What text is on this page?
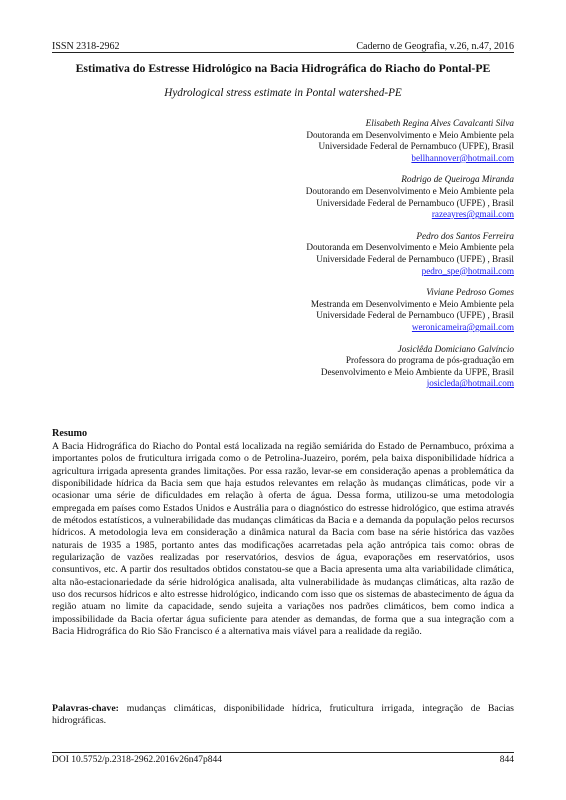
ISSN 2318-2962	Caderno de Geografia, v.26, n.47, 2016
Estimativa do Estresse Hidrológico na Bacia Hidrográfica do Riacho do Pontal-PE
Hydrological stress estimate in Pontal watershed-PE
Elisabeth Regina Alves Cavalcanti Silva
Doutoranda em Desenvolvimento e Meio Ambiente pela
Universidade Federal de Pernambuco (UFPE), Brasil
bellhannover@hotmail.com
Rodrigo de Queiroga Miranda
Doutorando em Desenvolvimento e Meio Ambiente pela
Universidade Federal de Pernambuco (UFPE) , Brasil
razeayres@gmail.com
Pedro dos Santos Ferreira
Doutoranda em Desenvolvimento e Meio Ambiente pela
Universidade Federal de Pernambuco (UFPE) , Brasil
pedro_spe@hotmail.com
Viviane Pedroso Gomes
Mestranda em Desenvolvimento e Meio Ambiente pela
Universidade Federal de Pernambuco (UFPE) , Brasil
weronicameira@gmail.com
Josiclêda Domiciano Galvíncio
Professora do programa de pós-graduação em
Desenvolvimento e Meio Ambiente da UFPE, Brasil
josicleda@hotmail.com
Resumo
A Bacia Hidrográfica do Riacho do Pontal está localizada na região semiárida do Estado de Pernambuco, próxima a importantes polos de fruticultura irrigada como o de Petrolina-Juazeiro, porém, pela baixa disponibilidade hídrica a agricultura irrigada apresenta grandes limitações. Por essa razão, levar-se em consideração apenas a problemática da disponibilidade hídrica da Bacia sem que haja estudos relevantes em relação às mudanças climáticas, pode vir a ocasionar uma série de dificuldades em relação à oferta de água. Dessa forma, utilizou-se uma metodologia empregada em países como Estados Unidos e Austrália para o diagnóstico do estresse hidrológico, que estima através de métodos estatísticos, a vulnerabilidade das mudanças climáticas da Bacia e a demanda da população pelos recursos hídricos. A metodologia leva em consideração a dinâmica natural da Bacia com base na série histórica das vazões naturais de 1935 a 1985, portanto antes das modificações acarretadas pela ação antrópica tais como: obras de regularização de vazões realizadas por reservatórios, desvios de água, evaporações em reservatórios, usos consuntivos, etc. A partir dos resultados obtidos constatou-se que a Bacia apresenta uma alta variabilidade climática, alta não-estacionariedade da série hidrológica analisada, alta vulnerabilidade às mudanças climáticas, alta razão de uso dos recursos hídricos e alto estresse hidrológico, indicando com isso que os sistemas de abastecimento de água da região atuam no limite da capacidade, sendo sujeita a variações nos padrões climáticos, bem como indica a impossibilidade da Bacia ofertar água suficiente para atender as demandas, de forma que a sua integração com a Bacia Hidrográfica do Rio São Francisco é a alternativa mais viável para a realidade da região.
Palavras-chave: mudanças climáticas, disponibilidade hídrica, fruticultura irrigada, integração de Bacias hidrográficas.
DOI 10.5752/p.2318-2962.2016v26n47p844	844
